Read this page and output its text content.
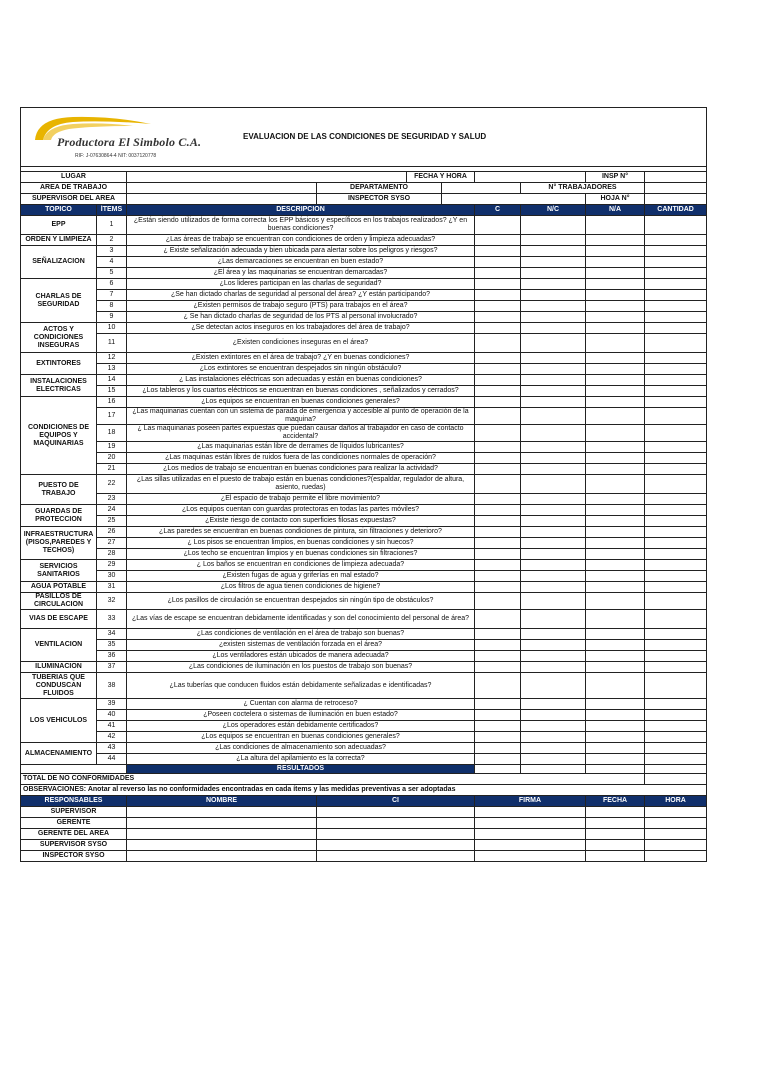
Productora El Simbolo C.A.
RIF: J-07630864-4 NIT: 0037120778
EVALUACION DE LAS CONDICIONES DE SEGURIDAD Y SALUD									

LUGAR				FECHA Y HORA				INSP N°	
AREA DE TRABAJO			DEPARTAMENTO				N° TRABAJADORES		
SUPERVISOR DEL AREA			INSPECTOR SYSO					HOJA N°	
TOPICO	ÍTEMS	DESCRIPCION				C	N/C	N/A	CANTIDAD
EPP	1	¿Están siendo utilizados de forma correcta los EPP básicos y específicos en los trabajos realizados? ¿Y en buenas condiciones?							
ORDEN Y LIMPIEZA	2	¿Las áreas de trabajo se encuentran con condiciones de orden y limpieza adecuadas?							
SEÑALIZACION	3	¿ Existe señalización adecuada y bien ubicada para alertar sobre los peligros y riesgos?							
	4	¿Las demarcaciones se encuentran en buen estado?							
	5	¿El área y las maquinarias se encuentran demarcadas?							
CHARLAS DE SEGURIDAD	6	¿Los lideres participan en las charlas de seguridad?							
	7	¿Se han dictado charlas de seguridad al personal del área? ¿Y están participando?							
	8	¿Existen permisos de trabajo seguro (PTS) para trabajos en el área?							
	9	¿ Se han dictado charlas de seguridad de los PTS al personal involucrado?							
ACTOS Y CONDICIONES INSEGURAS	10	¿Se detectan actos inseguros en los trabajadores del área de trabajo?							
	11	¿Existen condiciones inseguras en el área?							
EXTINTORES	12	¿Existen extintores en el área de trabajo? ¿Y en buenas condiciones?							
	13	¿Los extintores se encuentran despejados sin ningún obstáculo?							
INSTALACIONES ELECTRICAS	14	¿ Las instalaciones eléctricas son adecuadas y están en buenas condiciones?							
	15	¿Los tableros y los cuartos eléctricos se encuentran en buenas condiciones , señalizados y cerrados?							
CONDICIONES DE EQUIPOS Y MAQUINARIAS	16	¿Los equipos se encuentran en buenas condiciones generales?							
	17	¿Las maquinarias cuentan con un sistema de parada de emergencia y accesible al punto de operación de la maquina?							
	18	¿ Las maquinarias poseen partes expuestas que puedan causar daños al trabajador en caso de contacto accidental?							
	19	¿Las maquinarias están libre de derrames de líquidos lubricantes?							
	20	¿Las maquinas están libres de ruidos fuera de las condiciones normales de operación?							
	21	¿Los medios de trabajo se encuentran en buenas condiciones para realizar la actividad?							
PUESTO DE TRABAJO	22	¿Las sillas utilizadas en el puesto de trabajo están en buenas condiciones?(espaldar, regulador de altura, asiento, ruedas)							
	23	¿El espacio de trabajo permite el libre movimiento?							
GUARDAS DE PROTECCION	24	¿Los equipos cuentan con guardas protectoras en todas las partes móviles?							
	25	¿Existe riesgo de contacto con superficies filosas expuestas?							
INFRAESTRUCTURA (PISOS,PAREDES Y TECHOS)	26	¿Las paredes se encuentran en buenas condiciones de pintura, sin filtraciones y deterioro?							
	27	¿ Los pisos se encuentran limpios, en buenas condiciones y sin huecos?							
	28	¿Los techo se encuentran limpios y en buenas condiciones sin filtraciones?							
SERVICIOS SANITARIOS	29	¿ Los baños se encuentran en condiciones de limpieza adecuada?							
	30	¿Existen fugas de agua y griferías en mal estado?							
AGUA POTABLE	31	¿Los filtros de agua tienen condiciones de higiene?							
PASILLOS DE CIRCULACION	32	¿Los pasillos de circulación se encuentran despejados sin ningún tipo de obstáculos?							
VIAS DE ESCAPE	33	¿Las vías de escape se encuentran debidamente identificadas y son del conocimiento del personal de área?							
VENTILACION	34	¿Las condiciones de ventilación en el área de trabajo son buenas?							
	35	¿existen sistemas de ventilación forzada en el área?							
	36	¿Los ventiladores están ubicados de manera adecuada?							
ILUMINACION	37	¿Las condiciones de iluminación en los puestos de trabajo son buenas?							
TUBERIAS QUE CONDUSCAN FLUIDOS	38	¿Las tuberías que conducen fluidos están debidamente señalizadas e identificadas?							
LOS VEHICULOS	39	¿ Cuentan con alarma de retroceso?							
	40	¿Poseen coctelera o sistemas de iluminación en buen estado?							
	41	¿Los operadores están debidamente certificados?							
	42	¿Los equipos se encuentran en buenas condiciones generales?							
ALMACENAMIENTO	43	¿Las condiciones de almacenamiento son adecuadas?							
	44	¿La altura del apilamiento es la correcta?							
		RESULTADOS							
TOTAL DE NO CONFORMIDADES									
OBSERVACIONES: Anotar al reverso las no conformidades encontradas en cada ítems y las medidas preventivas a ser adoptadas									
RESPONSABLES		NOMBRE	CI			FIRMA		FECHA	HORA
SUPERVISOR									
GERENTE									
GERENTE DEL AREA									
SUPERVISOR SYSO									
INSPECTOR SYSO									
